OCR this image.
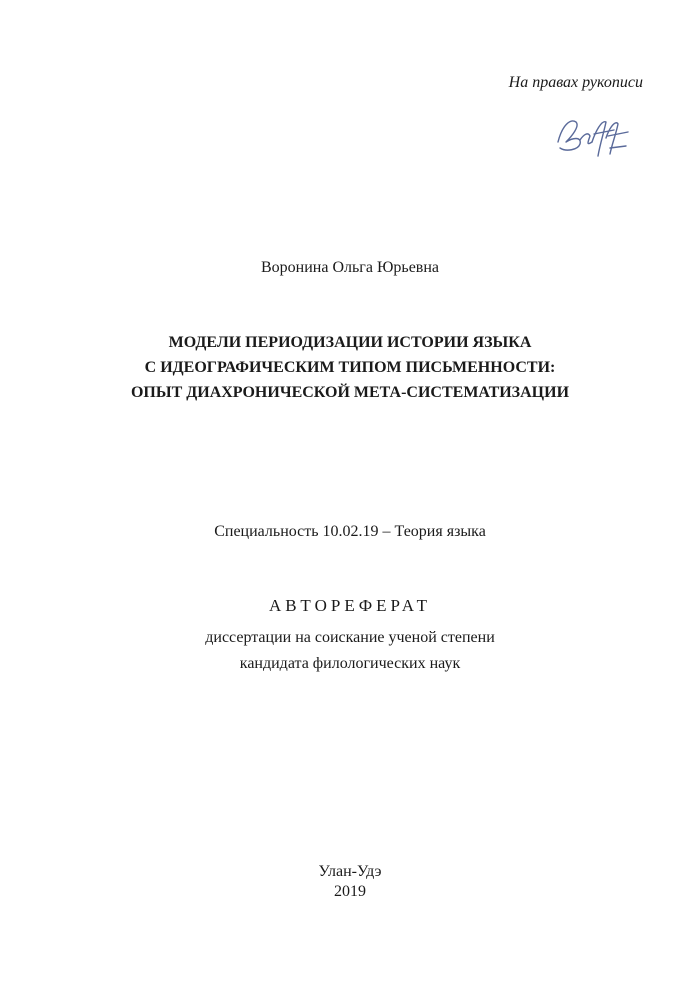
На правах рукописи
Воронина Ольга Юрьевна
МОДЕЛИ ПЕРИОДИЗАЦИИ ИСТОРИИ ЯЗЫКА
С ИДЕОГРАФИЧЕСКИМ ТИПОМ ПИСЬМЕННОСТИ:
ОПЫТ ДИАХРОНИЧЕСКОЙ МЕТА-СИСТЕМАТИЗАЦИИ
Специальность 10.02.19 – Теория языка
АВТОРЕФЕРАТ
диссертации на соискание ученой степени
кандидата филологических наук
Улан-Удэ
2019
